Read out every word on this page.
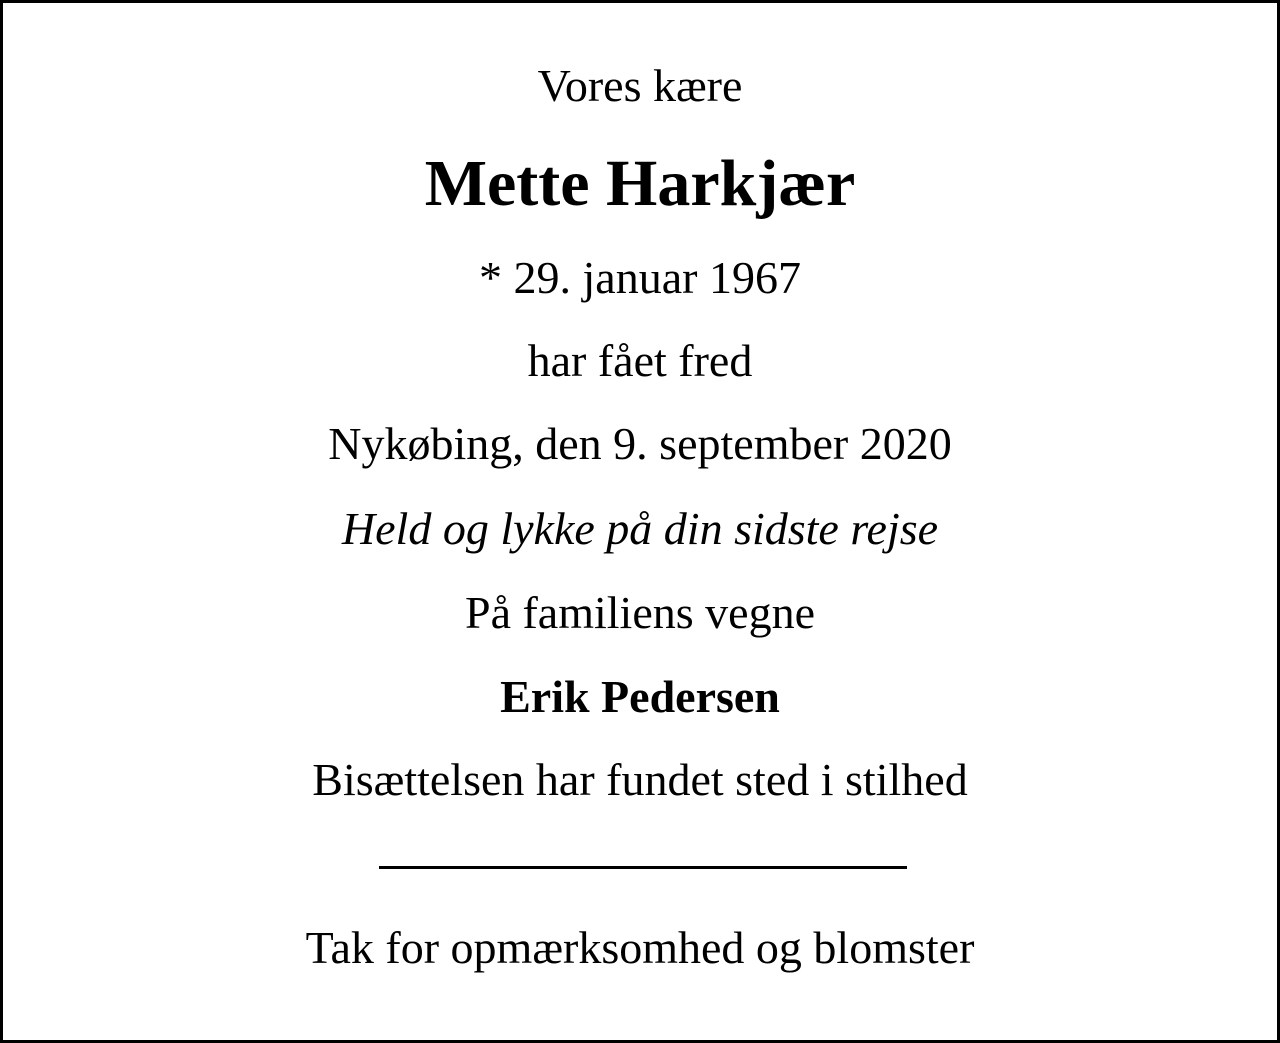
Vores kære

Mette Harkjær

* 29. januar 1967

har fået fred

Nykøbing, den 9. september 2020

Held og lykke på din sidste rejse

På familiens vegne

Erik Pedersen

Bisættelsen har fundet sted i stilhed

Tak for opmærksomhed og blomster
